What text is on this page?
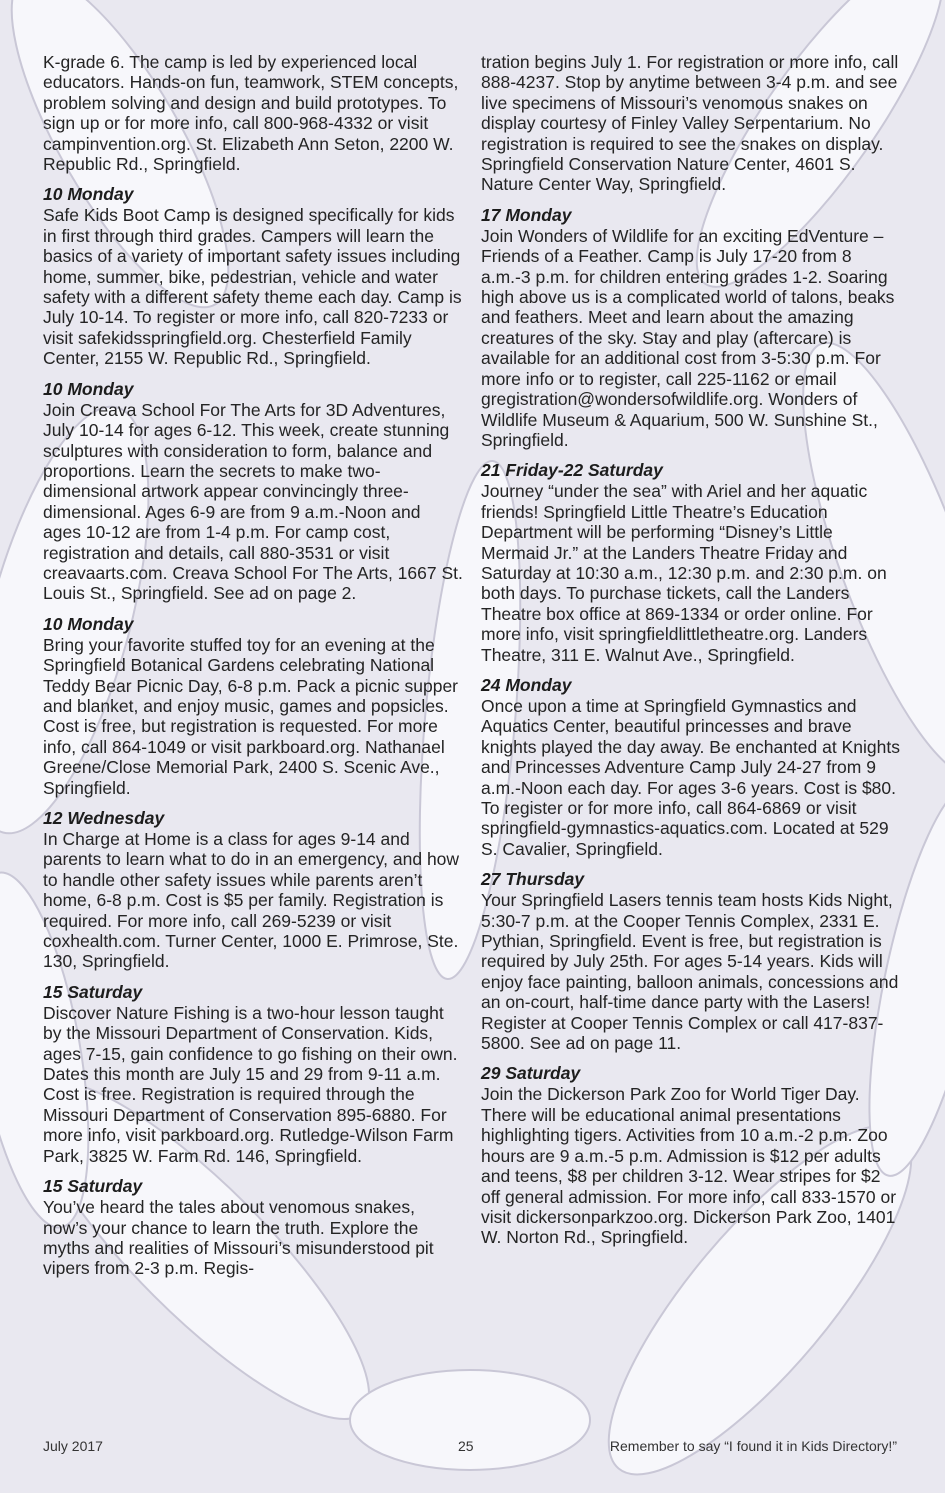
K-grade 6. The camp is led by experienced local educators. Hands-on fun, teamwork, STEM concepts, problem solving and design and build prototypes. To sign up or for more info, call 800-968-4332 or visit campinvention.org. St. Elizabeth Ann Seton, 2200 W. Republic Rd., Springfield.

10 Monday

Safe Kids Boot Camp is designed specifically for kids in first through third grades. Campers will learn the basics of a variety of important safety issues including home, summer, bike, pedestrian, vehicle and water safety with a different safety theme each day. Camp is July 10-14. To register or more info, call 820-7233 or visit safekidsspringfield.org. Chesterfield Family Center, 2155 W. Republic Rd., Springfield.

10 Monday

Join Creava School For The Arts for 3D Adventures, July 10-14 for ages 6-12. This week, create stunning sculptures with consideration to form, balance and proportions. Learn the secrets to make two-dimensional artwork appear convincingly three-dimensional. Ages 6-9 are from 9 a.m.-Noon and ages 10-12 are from 1-4 p.m. For camp cost, registration and details, call 880-3531 or visit creavaarts.com. Creava School For The Arts, 1667 St. Louis St., Springfield. See ad on page 2.

10 Monday

Bring your favorite stuffed toy for an evening at the Springfield Botanical Gardens celebrating National Teddy Bear Picnic Day, 6-8 p.m. Pack a picnic supper and blanket, and enjoy music, games and popsicles. Cost is free, but registration is requested. For more info, call 864-1049 or visit parkboard.org. Nathanael Greene/Close Memorial Park, 2400 S. Scenic Ave., Springfield.

12 Wednesday

In Charge at Home is a class for ages 9-14 and parents to learn what to do in an emergency, and how to handle other safety issues while parents aren’t home, 6-8 p.m. Cost is $5 per family. Registration is required. For more info, call 269-5239 or visit coxhealth.com. Turner Center, 1000 E. Primrose, Ste. 130, Springfield.

15 Saturday

Discover Nature Fishing is a two-hour lesson taught by the Missouri Department of Conservation. Kids, ages 7-15, gain confidence to go fishing on their own. Dates this month are July 15 and 29 from 9-11 a.m. Cost is free. Registration is required through the Missouri Department of Conservation 895-6880. For more info, visit parkboard.org. Rutledge-Wilson Farm Park, 3825 W. Farm Rd. 146, Springfield.

15 Saturday

You’ve heard the tales about venomous snakes, now’s your chance to learn the truth. Explore the myths and realities of Missouri’s misunderstood pit vipers from 2-3 p.m. Regis-

tration begins July 1. For registration or more info, call 888-4237. Stop by anytime between 3-4 p.m. and see live specimens of Missouri’s venomous snakes on display courtesy of Finley Valley Serpentarium. No registration is required to see the snakes on display. Springfield Conservation Nature Center, 4601 S. Nature Center Way, Springfield.

17 Monday

Join Wonders of Wildlife for an exciting EdVenture – Friends of a Feather. Camp is July 17-20 from 8 a.m.-3 p.m. for children entering grades 1-2. Soaring high above us is a complicated world of talons, beaks and feathers. Meet and learn about the amazing creatures of the sky. Stay and play (aftercare) is available for an additional cost from 3-5:30 p.m. For more info or to register, call 225-1162 or email gregistration@wondersofwildlife.org. Wonders of Wildlife Museum & Aquarium, 500 W. Sunshine St., Springfield.

21 Friday-22 Saturday

Journey “under the sea” with Ariel and her aquatic friends! Springfield Little Theatre’s Education Department will be performing “Disney’s Little Mermaid Jr.” at the Landers Theatre Friday and Saturday at 10:30 a.m., 12:30 p.m. and 2:30 p.m. on both days. To purchase tickets, call the Landers Theatre box office at 869-1334 or order online. For more info, visit springfieldlittletheatre.org. Landers Theatre, 311 E. Walnut Ave., Springfield.

24 Monday

Once upon a time at Springfield Gymnastics and Aquatics Center, beautiful princesses and brave knights played the day away. Be enchanted at Knights and Princesses Adventure Camp July 24-27 from 9 a.m.-Noon each day. For ages 3-6 years. Cost is $80. To register or for more info, call 864-6869 or visit springfield-gymnastics-aquatics.com. Located at 529 S. Cavalier, Springfield.

27 Thursday

Your Springfield Lasers tennis team hosts Kids Night, 5:30-7 p.m. at the Cooper Tennis Complex, 2331 E. Pythian, Springfield. Event is free, but registration is required by July 25th. For ages 5-14 years. Kids will enjoy face painting, balloon animals, concessions and an on-court, half-time dance party with the Lasers! Register at Cooper Tennis Complex or call 417-837-5800. See ad on page 11.

29 Saturday

Join the Dickerson Park Zoo for World Tiger Day. There will be educational animal presentations highlighting tigers. Activities from 10 a.m.-2 p.m. Zoo hours are 9 a.m.-5 p.m. Admission is $12 per adults and teens, $8 per children 3-12. Wear stripes for $2 off general admission. For more info, call 833-1570 or visit dickersonparkzoo.org. Dickerson Park Zoo, 1401 W. Norton Rd., Springfield.

July 2017	25	Remember to say “I found it in Kids Directory!”
